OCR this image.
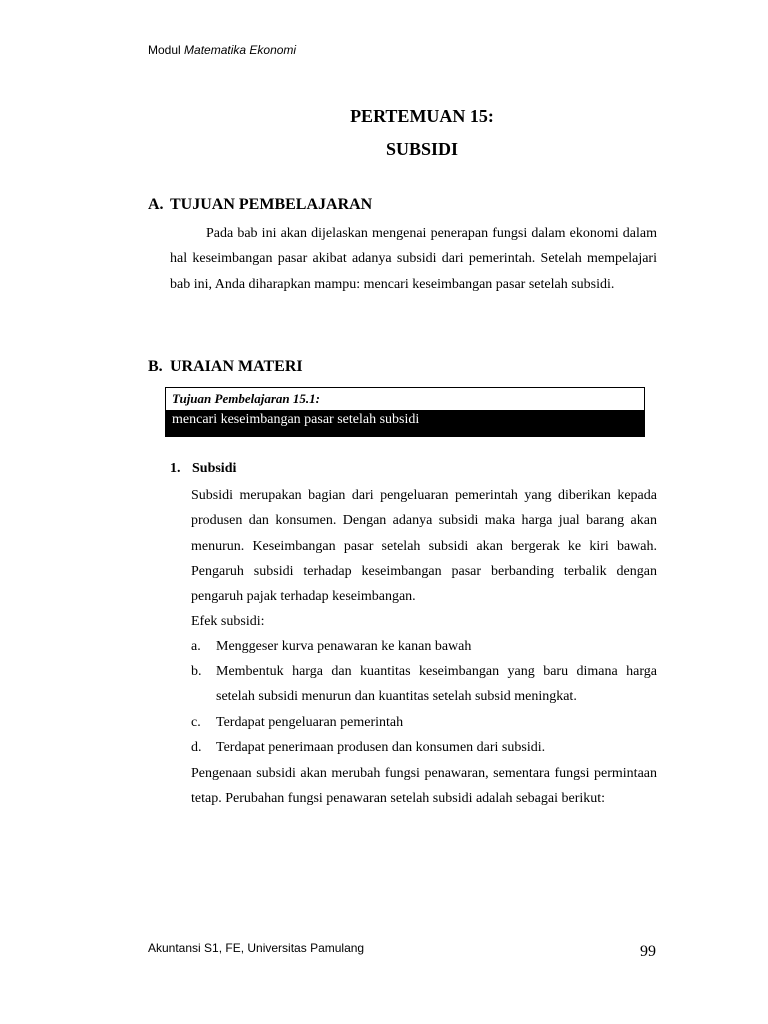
Modul Matematika Ekonomi
PERTEMUAN 15:
SUBSIDI
A. TUJUAN PEMBELAJARAN
Pada bab ini akan dijelaskan mengenai penerapan fungsi dalam ekonomi dalam hal keseimbangan pasar akibat adanya subsidi dari pemerintah. Setelah mempelajari bab ini, Anda diharapkan mampu: mencari keseimbangan pasar setelah subsidi.
B. URAIAN MATERI
Tujuan Pembelajaran 15.1:
mencari keseimbangan pasar setelah subsidi
1. Subsidi
Subsidi merupakan bagian dari pengeluaran pemerintah yang diberikan kepada produsen dan konsumen. Dengan adanya subsidi maka harga jual barang akan menurun. Keseimbangan pasar setelah subsidi akan bergerak ke kiri bawah. Pengaruh subsidi terhadap keseimbangan pasar berbanding terbalik dengan pengaruh pajak terhadap keseimbangan.
Efek subsidi:
a. Menggeser kurva penawaran ke kanan bawah
b. Membentuk harga dan kuantitas keseimbangan yang baru dimana harga setelah subsidi menurun dan kuantitas setelah subsid meningkat.
c. Terdapat pengeluaran pemerintah
d. Terdapat penerimaan produsen dan konsumen dari subsidi.
Pengenaan subsidi akan merubah fungsi penawaran, sementara fungsi permintaan tetap. Perubahan fungsi penawaran setelah subsidi adalah sebagai berikut:
Akuntansi S1, FE, Universitas Pamulang	99
